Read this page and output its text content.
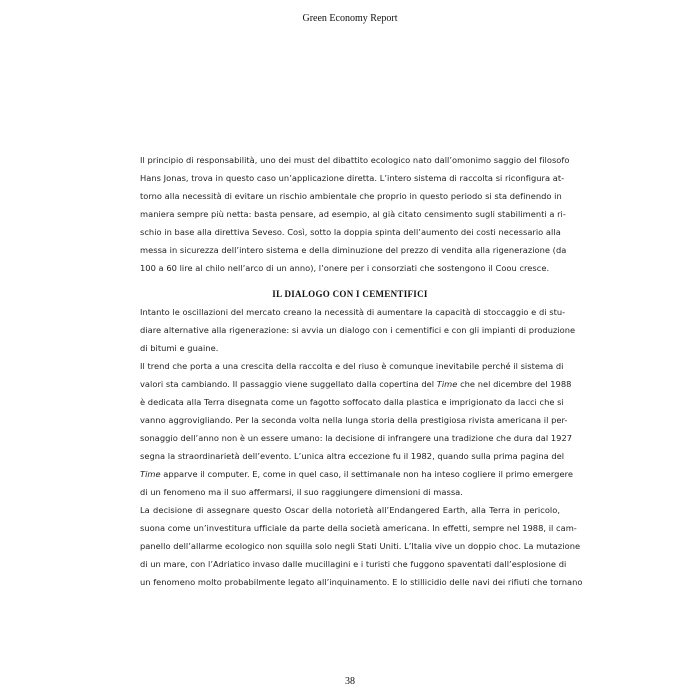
Green Economy Report

Il principio di responsabilità, uno dei must del dibattito ecologico nato dall’omonimo saggio del filosofo
Hans Jonas, trova in questo caso un’applicazione diretta. L’intero sistema di raccolta si riconfigura at-
torno alla necessità di evitare un rischio ambientale che proprio in questo periodo si sta definendo in
maniera sempre più netta: basta pensare, ad esempio, al già citato censimento sugli stabilimenti a ri-
schio in base alla direttiva Seveso. Così, sotto la doppia spinta dell’aumento dei costi necessario alla
messa in sicurezza dell’intero sistema e della diminuzione del prezzo di vendita alla rigenerazione (da
100 a 60 lire al chilo nell’arco di un anno), l’onere per i consorziati che sostengono il Coou cresce.

IL DIALOGO CON I CEMENTIFICI

Intanto le oscillazioni del mercato creano la necessità di aumentare la capacità di stoccaggio e di stu-
diare alternative alla rigenerazione: si avvia un dialogo con i cementifici e con gli impianti di produzione
di bitumi e guaine.

Il trend che porta a una crescita della raccolta e del riuso è comunque inevitabile perché il sistema di
valori sta cambiando. Il passaggio viene suggellato dalla copertina del Time che nel dicembre del 1988
è dedicata alla Terra disegnata come un fagotto soffocato dalla plastica e imprigionato da lacci che si
vanno aggrovigliando. Per la seconda volta nella lunga storia della prestigiosa rivista americana il per-
sonaggio dell’anno non è un essere umano: la decisione di infrangere una tradizione che dura dal 1927
segna la straordinarietà dell’evento. L’unica altra eccezione fu il 1982, quando sulla prima pagina del
Time apparve il computer. E, come in quel caso, il settimanale non ha inteso cogliere il primo emergere
di un fenomeno ma il suo affermarsi, il suo raggiungere dimensioni di massa.

La decisione di assegnare questo Oscar della notorietà all’Endangered Earth, alla Terra in pericolo,
suona come un’investitura ufficiale da parte della società americana. In effetti, sempre nel 1988, il cam-
panello dell’allarme ecologico non squilla solo negli Stati Uniti. L’Italia vive un doppio choc. La mutazione
di un mare, con l’Adriatico invaso dalle mucillagini e i turisti che fuggono spaventati dall’esplosione di
un fenomeno molto probabilmente legato all’inquinamento. E lo stillicidio delle navi dei rifiuti che tornano

38
